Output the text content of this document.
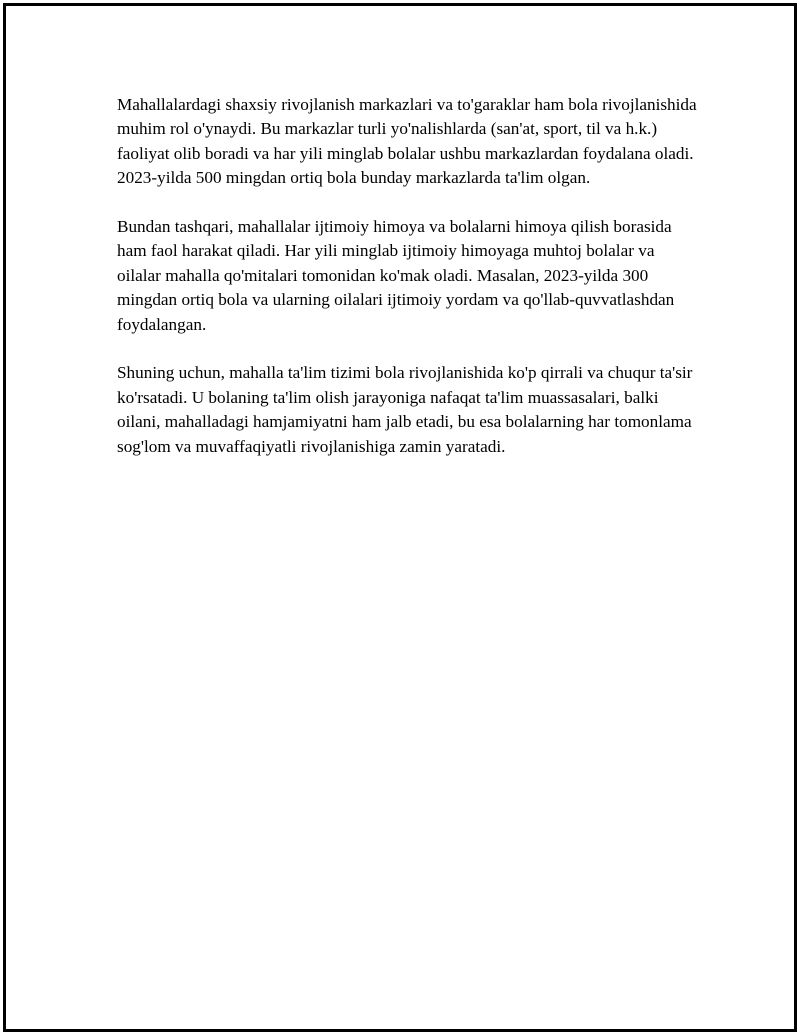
Mahallalardagi shaxsiy rivojlanish markazlari va to'garaklar ham bola rivojlanishida muhim rol o'ynaydi. Bu markazlar turli yo'nalishlarda (san'at, sport, til va h.k.) faoliyat olib boradi va har yili minglab bolalar ushbu markazlardan foydalana oladi. 2023-yilda 500 mingdan ortiq bola bunday markazlarda ta'lim olgan.

Bundan tashqari, mahallalar ijtimoiy himoya va bolalarni himoya qilish borasida ham faol harakat qiladi. Har yili minglab ijtimoiy himoyaga muhtoj bolalar va oilalar mahalla qo'mitalari tomonidan ko'mak oladi. Masalan, 2023-yilda 300 mingdan ortiq bola va ularning oilalari ijtimoiy yordam va qo'llab-quvvatlashdan foydalangan.

Shuning uchun, mahalla ta'lim tizimi bola rivojlanishida ko'p qirrali va chuqur ta'sir ko'rsatadi. U bolaning ta'lim olish jarayoniga nafaqat ta'lim muassasalari, balki oilani, mahalladagi hamjamiyatni ham jalb etadi, bu esa bolalarning har tomonlama sog'lom va muvaffaqiyatli rivojlanishiga zamin yaratadi.
